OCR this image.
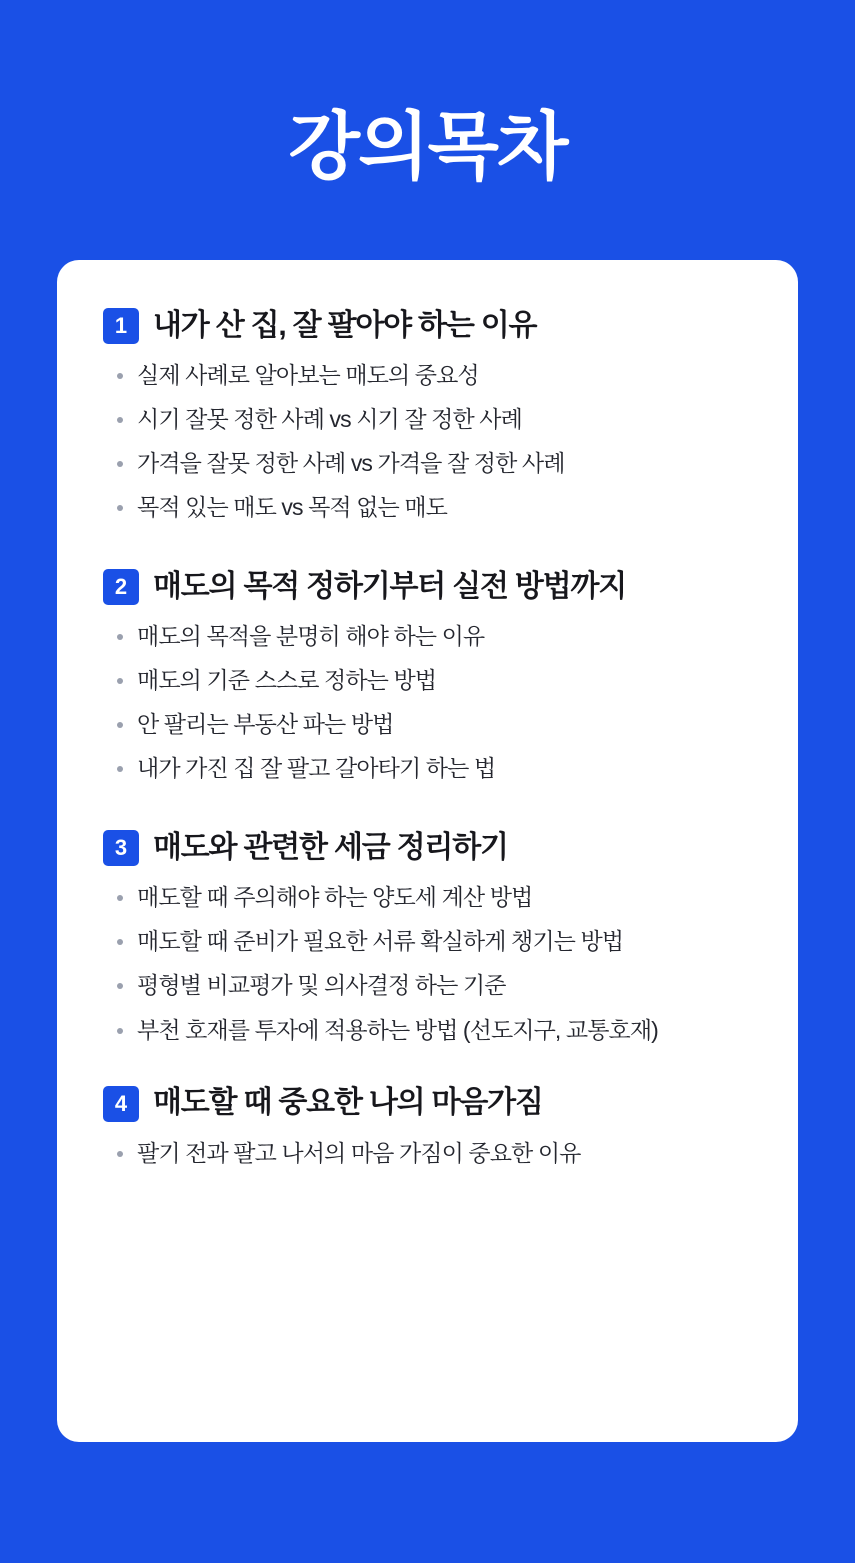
강의목차
1 내가 산 집, 잘 팔아야 하는 이유
실제 사례로 알아보는 매도의 중요성
시기 잘못 정한 사례 vs 시기 잘 정한 사례
가격을 잘못 정한 사례 vs 가격을 잘 정한 사례
목적 있는 매도 vs 목적 없는 매도
2 매도의 목적 정하기부터 실전 방법까지
매도의 목적을 분명히 해야 하는 이유
매도의 기준 스스로 정하는 방법
안 팔리는 부동산 파는 방법
내가 가진 집 잘 팔고 갈아타기 하는 법
3 매도와 관련한 세금 정리하기
매도할 때 주의해야 하는 양도세 계산 방법
매도할 때 준비가 필요한 서류 확실하게 챙기는 방법
평형별 비교평가 및 의사결정 하는 기준
부천 호재를 투자에 적용하는 방법 (선도지구, 교통호재)
4 매도할 때 중요한 나의 마음가짐
팔기 전과 팔고 나서의 마음 가짐이 중요한 이유
